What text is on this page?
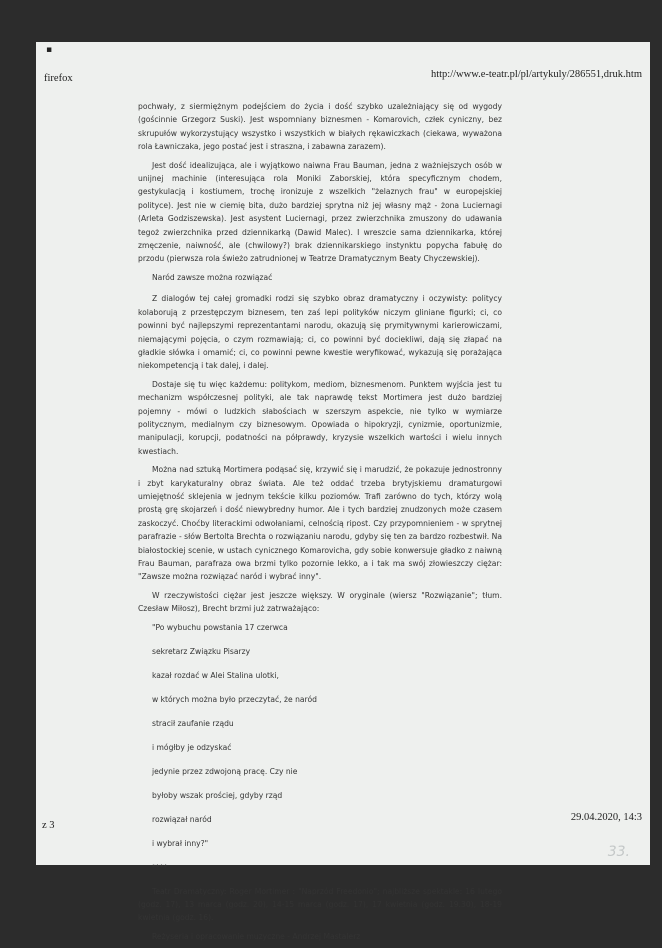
▪
firefox	http://www.e-teatr.pl/pl/artykuly/286551,druk.htm

pochwały, z siermiężnym podejściem do życia i dość szybko uzależniający się od wygody (gościnnie Grzegorz Suski). Jest wspomniany biznesmen - Komarovich, człek cyniczny, bez skrupułów wykorzystujący wszystko i wszystkich w białych rękawiczkach (ciekawa, wyważona rola Ławniczaka, jego postać jest i straszna, i zabawna zarazem).

Jest dość idealizująca, ale i wyjątkowo naiwna Frau Bauman, jedna z ważniejszych osób w unijnej machinie (interesująca rola Moniki Zaborskiej, która specyficznym chodem, gestykulacją i kostiumem, trochę ironizuje z wszelkich "żelaznych frau" w europejskiej polityce). Jest nie w ciemię bita, dużo bardziej sprytna niż jej własny mąż - żona Luciernagi (Arleta Godziszewska). Jest asystent Luciernagi, przez zwierzchnika zmuszony do udawania tegoż zwierzchnika przed dziennikarką (Dawid Malec). I wreszcie sama dziennikarka, której zmęczenie, naiwność, ale (chwilowy?) brak dziennikarskiego instynktu popycha fabułę do przodu (pierwsza rola świeżo zatrudnionej w Teatrze Dramatycznym Beaty Chyczewskiej).

Naród zawsze można rozwiązać

Z dialogów tej całej gromadki rodzi się szybko obraz dramatyczny i oczywisty: politycy kolaborują z przestępczym biznesem, ten zaś lepi polityków niczym gliniane figurki; ci, co powinni być najlepszymi reprezentantami narodu, okazują się prymitywnymi karierowiczami, niemającymi pojęcia, o czym rozmawiają; ci, co powinni być dociekliwi, dają się złapać na gładkie słówka i omamić; ci, co powinni pewne kwestie weryfikować, wykazują się porażająca niekompetencją i tak dalej, i dalej.

Dostaje się tu więc każdemu: politykom, mediom, biznesmenom. Punktem wyjścia jest tu mechanizm współczesnej polityki, ale tak naprawdę tekst Mortimera jest dużo bardziej pojemny - mówi o ludzkich słabościach w szerszym aspekcie, nie tylko w wymiarze politycznym, medialnym czy biznesowym. Opowiada o hipokryzji, cynizmie, oportunizmie, manipulacji, korupcji, podatności na półprawdy, kryzysie wszelkich wartości i wielu innych kwestiach.

Można nad sztuką Mortimera podąsać się, krzywić się i marudzić, że pokazuje jednostronny i zbyt karykaturalny obraz świata. Ale też oddać trzeba brytyjskiemu dramaturgowi umiejętność sklejenia w jednym tekście kilku poziomów. Trafi zarówno do tych, którzy wolą prostą grę skojarzeń i dość niewybredny humor. Ale i tych bardziej znudzonych może czasem zaskoczyć. Choćby literackimi odwołaniami, celnością ripost. Czy przypomnieniem - w sprytnej parafrazie - słów Bertolta Brechta o rozwiązaniu narodu, gdyby się ten za bardzo rozbestwił. Na białostockiej scenie, w ustach cynicznego Komarovicha, gdy sobie konwersuje gładko z naiwną Frau Bauman, parafraza owa brzmi tylko pozornie lekko, a i tak ma swój złowieszczy ciężar: "Zawsze można rozwiązać naród i wybrać inny".

W rzeczywistości ciężar jest jeszcze większy. W oryginale (wiersz "Rozwiązanie"; tłum. Czesław Miłosz), Brecht brzmi już zatrważająco:

"Po wybuchu powstania 17 czerwca
sekretarz Związku Pisarzy
kazał rozdać w Alei Stalina ulotki,
w których można było przeczytać, że naród
stracił zaufanie rządu
i mógłby je odzyskać
jedynie przez zdwojoną pracę. Czy nie
byłoby wszak prościej, gdyby rząd
rozwiązał naród
i wybrał inny?"
****

Teatr Dramatyczny: Roger Mortimer : "Naprzód Freedonio"; najbliższe spektakle: 16 lutego (godz. 17), 13 marca (godz. 20), 14-15 marca (godz. 17), 17 kwietnia (godz. 19.30), 18-19 kwietnia (godz. 16).

Reżyseria i opracowanie muzyczne - Andrzej Mastalerz

z 3
29.04.2020, 14:3
33.
